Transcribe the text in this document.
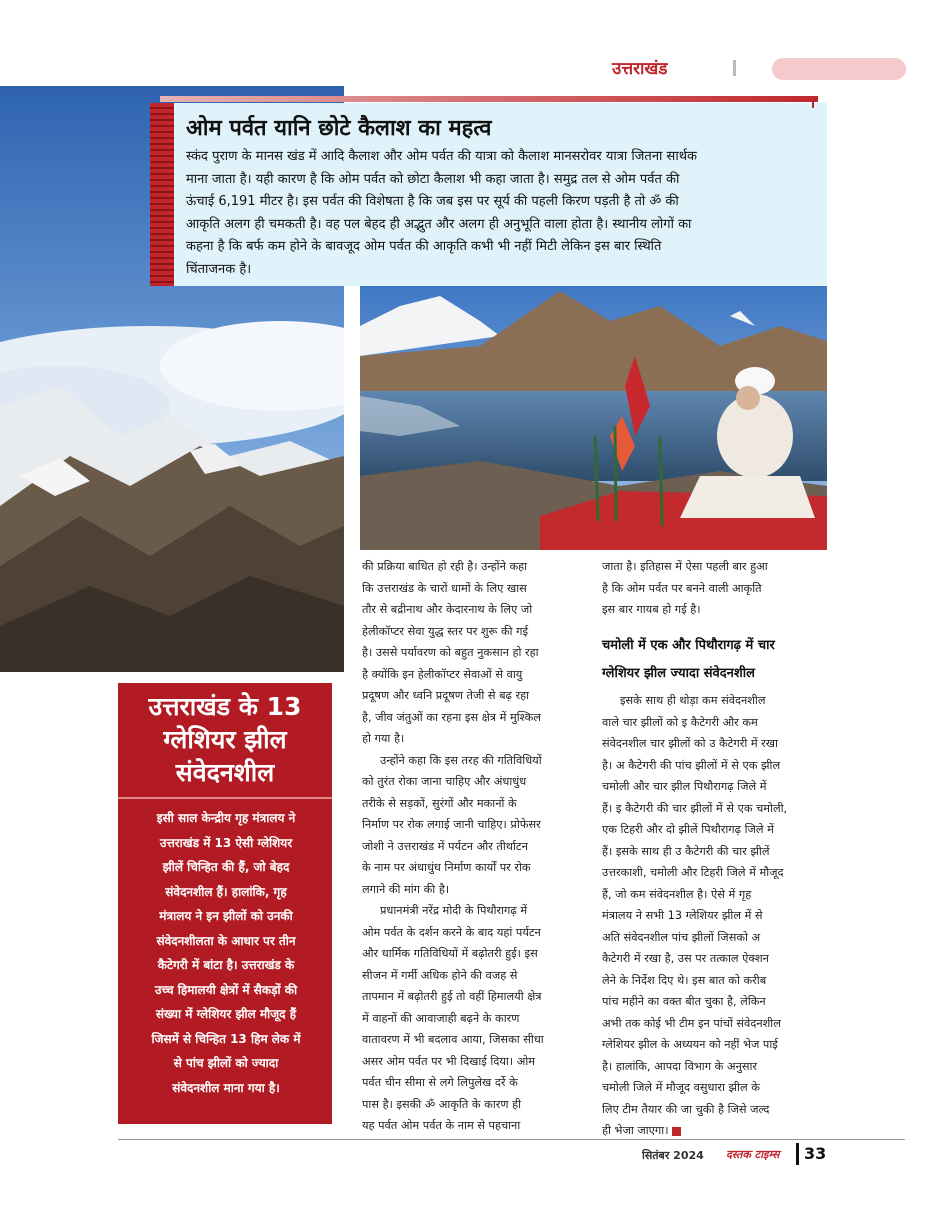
उत्तराखंड
ओम पर्वत यानि छोटे कैलाश का महत्व
स्कंद पुराण के मानस खंड में आदि कैलाश और ओम पर्वत की यात्रा को कैलाश मानसरोवर यात्रा जितना सार्थक
माना जाता है। यही कारण है कि ओम पर्वत को छोटा कैलाश भी कहा जाता है। समुद्र तल से ओम पर्वत की
ऊंचाई 6,191 मीटर है। इस पर्वत की विशेषता है कि जब इस पर सूर्य की पहली किरण पड़ती है तो ॐ की
आकृति अलग ही चमकती है। वह पल बेहद ही अद्भुत और अलग ही अनुभूति वाला होता है। स्थानीय लोगों का
कहना है कि बर्फ कम होने के बावजूद ओम पर्वत की आकृति कभी भी नहीं मिटी लेकिन इस बार स्थिति
चिंताजनक है।
उत्तराखंड के 13
ग्लेशियर झील
संवेदनशील
इसी साल केन्द्रीय गृह मंत्रालय ने
उत्तराखंड में 13 ऐसी ग्लेशियर
झीलें चिन्हित की हैं, जो बेहद
संवेदनशील हैं। हालांकि, गृह
मंत्रालय ने इन झीलों को उनकी
संवेदनशीलता के आधार पर तीन
कैटेगरी में बांटा है। उत्तराखंड के
उच्च हिमालयी क्षेत्रों में सैकड़ों की
संख्या में ग्लेशियर झील मौजूद हैं
जिसमें से चिन्हित 13 हिम लेक में
से पांच झीलों को ज्यादा
संवेदनशील माना गया है।
की प्रक्रिया बाधित हो रही है। उन्होंने कहा
कि उत्तराखंड के चारों धामों के लिए खास
तौर से बद्रीनाथ और केदारनाथ के लिए जो
हेलीकॉप्टर सेवा युद्ध स्तर पर शुरू की गई
है। उससे पर्यावरण को बहुत नुकसान हो रहा
है क्योंकि इन हेलीकॉप्टर सेवाओं से वायु
प्रदूषण और ध्वनि प्रदूषण तेजी से बढ़ रहा
है, जीव जंतुओं का रहना इस क्षेत्र में मुश्किल
हो गया है।
उन्होंने कहा कि इस तरह की गतिविधियों
को तुरंत रोका जाना चाहिए और अंधाधुंध
तरीके से सड़कों, सुरंगों और मकानों के
निर्माण पर रोक लगाई जानी चाहिए। प्रोफेसर
जोशी ने उत्तराखंड में पर्यटन और तीर्थाटन
के नाम पर अंधाधुंध निर्माण कार्यों पर रोक
लगाने की मांग की है।
प्रधानमंत्री नरेंद्र मोदी के पिथौरागढ़ में
ओम पर्वत के दर्शन करने के बाद यहां पर्यटन
और धार्मिक गतिविधियों में बढ़ोतरी हुई। इस
सीजन में गर्मी अधिक होने की वजह से
तापमान में बढ़ोतरी हुई तो वहीं हिमालयी क्षेत्र
में वाहनों की आवाजाही बढ़ने के कारण
वातावरण में भी बदलाव आया, जिसका सीधा
असर ओम पर्वत पर भी दिखाई दिया। ओम
पर्वत चीन सीमा से लगे लिपुलेख दर्रे के
पास है। इसकी ॐ आकृति के कारण ही
यह पर्वत ओम पर्वत के नाम से पहचाना
जाता है। इतिहास में ऐसा पहली बार हुआ
है कि ओम पर्वत पर बनने वाली आकृति
इस बार गायब हो गई है।
चमोली में एक और पिथौरागढ़ में चार
ग्लेशियर झील ज्यादा संवेदनशील
इसके साथ ही थोड़ा कम संवेदनशील
वाले चार झीलों को इ कैटेगरी और कम
संवेदनशील चार झीलों को उ कैटेगरी में रखा
है। अ कैटेगरी की पांच झीलों में से एक झील
चमोली और चार झील पिथौरागढ़ जिले में
हैं। इ कैटेगरी की चार झीलों में से एक चमोली,
एक टिहरी और दो झीलें पिथौरागढ़ जिले में
हैं। इसके साथ ही उ कैटेगरी की चार झीलें
उत्तरकाशी, चमोली और टिहरी जिले में मौजूद
हैं, जो कम संवेदनशील है। ऐसे में गृह
मंत्रालय ने सभी 13 ग्लेशियर झील में से
अति संवेदनशील पांच झीलों जिसको अ
कैटेगरी में रखा है, उस पर तत्काल ऐक्शन
लेने के निर्देश दिए थे। इस बात को करीब
पांच महीने का वक्त बीत चुका है, लेकिन
अभी तक कोई भी टीम इन पांचों संवेदनशील
ग्लेशियर झील के अध्ययन को नहीं भेज पाई
है। हालांकि, आपदा विभाग के अनुसार
चमोली जिले में मौजूद वसुधारा झील के
लिए टीम तैयार की जा चुकी है जिसे जल्द
ही भेजा जाएगा।
सितंबर 2024 दस्तक टाइम्स 33
